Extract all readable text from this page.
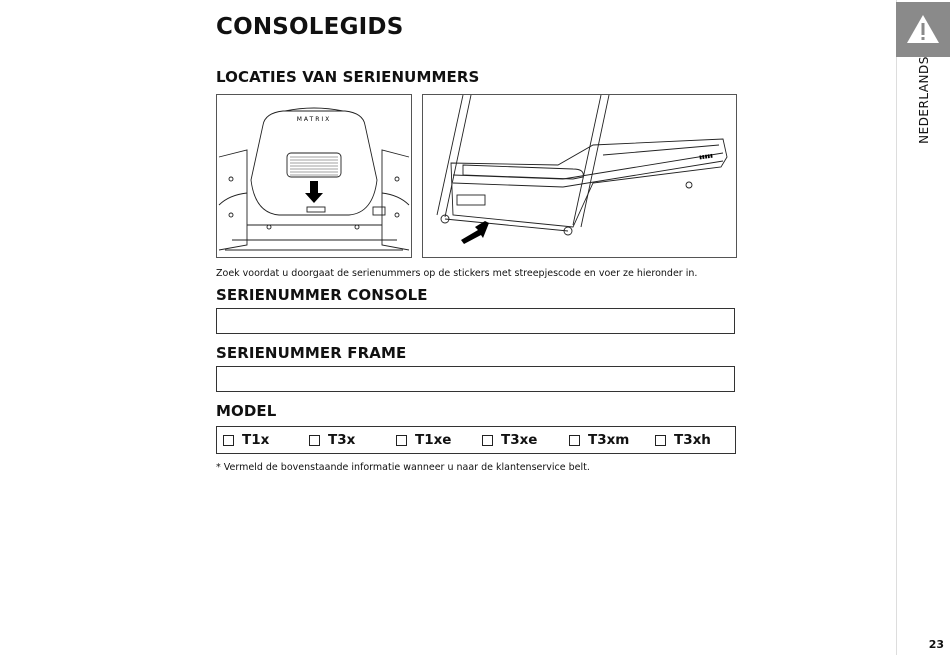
CONSOLEGIDS
NEDERLANDS
LOCATIES VAN SERIENUMMERS
MATRIX
▮▮▮▮▮

Zoek voordat u doorgaat de serienummers op de stickers met streepjescode en voer ze hieronder in.

SERIENUMMER CONSOLE
SERIENUMMER FRAME
MODEL
T1x	T3x	T1xe	T3xe	T3xm	T3xh

* Vermeld de bovenstaande informatie wanneer u naar de klantenservice belt.

23
